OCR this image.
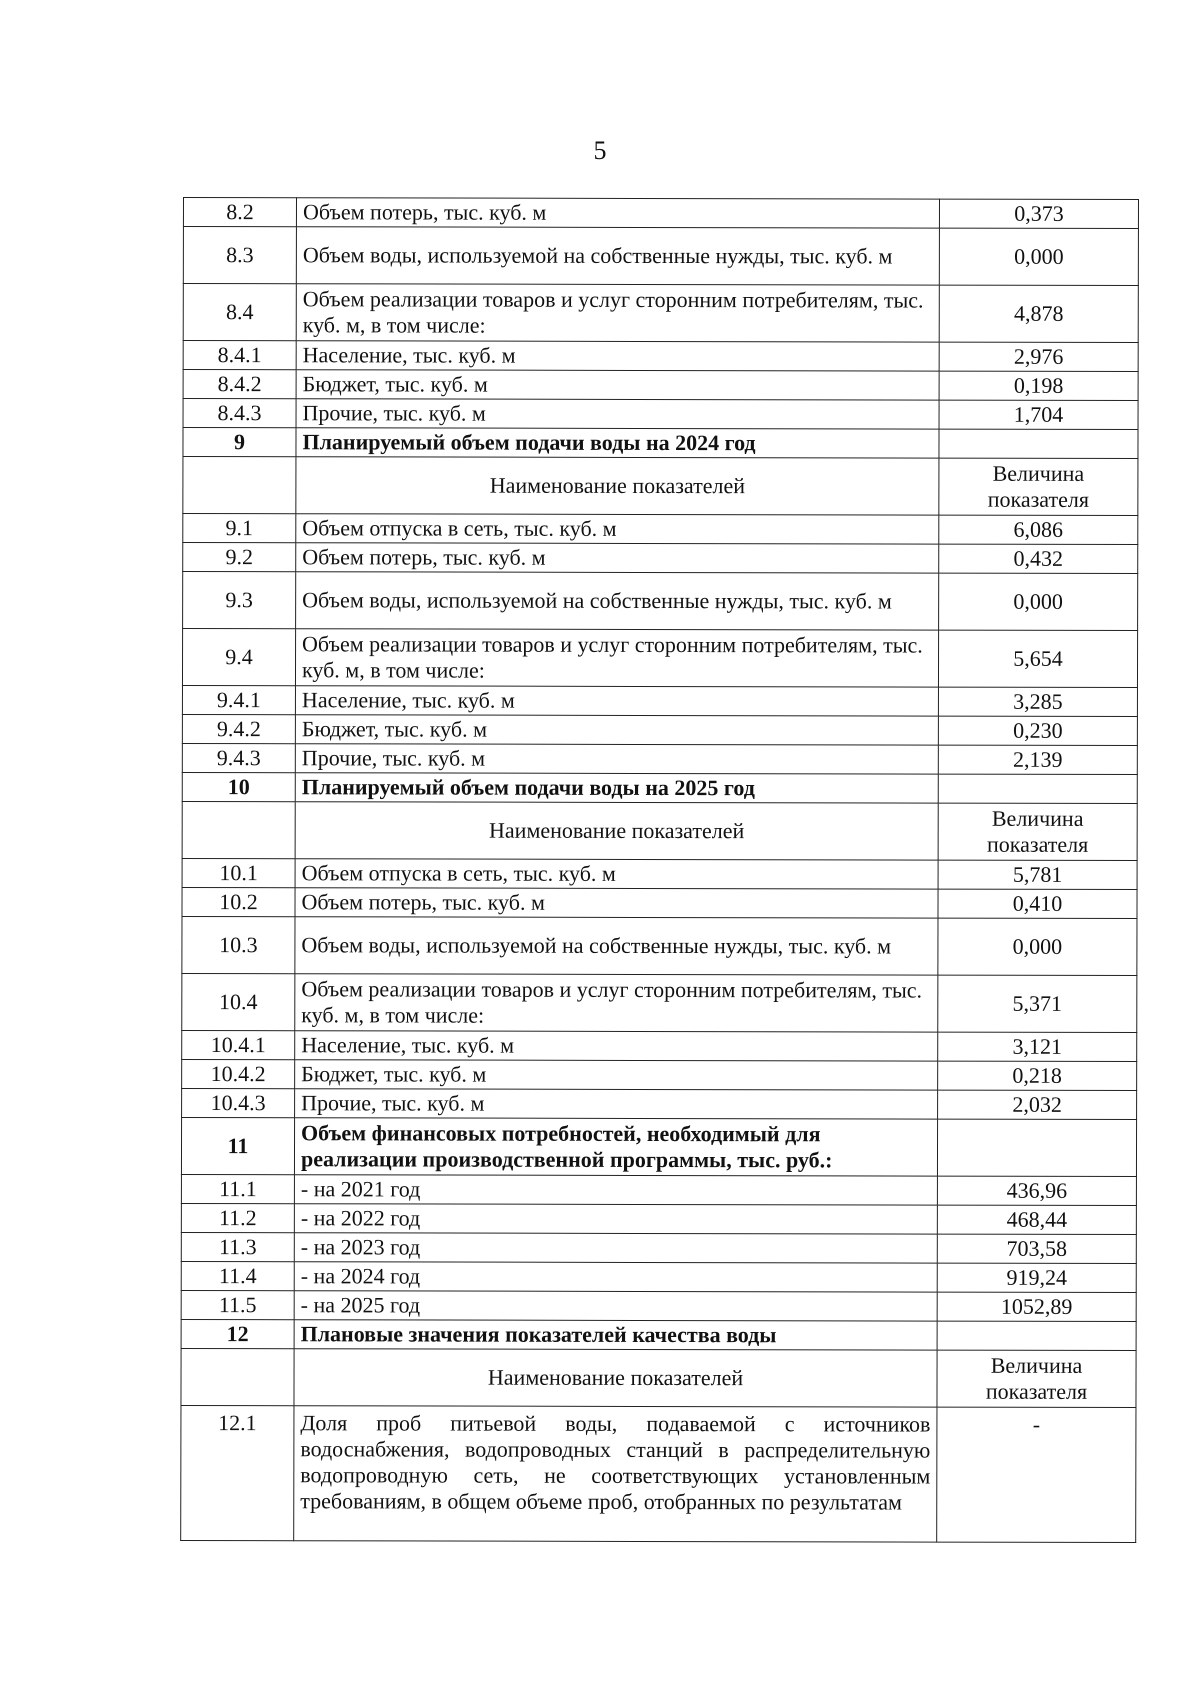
5
8.2	Объем потерь, тыс. куб. м	0,373
8.3	Объем воды, используемой на собственные нужды, тыс. куб. м	0,000
8.4	Объем реализации товаров и услуг сторонним потребителям, тыс. куб. м, в том числе:	4,878
8.4.1	Население, тыс. куб. м	2,976
8.4.2	Бюджет, тыс. куб. м	0,198
8.4.3	Прочие, тыс. куб. м	1,704
9	Планируемый объем подачи воды на 2024 год	
	Наименование показателей	Величина показателя
9.1	Объем отпуска в сеть, тыс. куб. м	6,086
9.2	Объем потерь, тыс. куб. м	0,432
9.3	Объем воды, используемой на собственные нужды, тыс. куб. м	0,000
9.4	Объем реализации товаров и услуг сторонним потребителям, тыс. куб. м, в том числе:	5,654
9.4.1	Население, тыс. куб. м	3,285
9.4.2	Бюджет, тыс. куб. м	0,230
9.4.3	Прочие, тыс. куб. м	2,139
10	Планируемый объем подачи воды на 2025 год	
	Наименование показателей	Величина показателя
10.1	Объем отпуска в сеть, тыс. куб. м	5,781
10.2	Объем потерь, тыс. куб. м	0,410
10.3	Объем воды, используемой на собственные нужды, тыс. куб. м	0,000
10.4	Объем реализации товаров и услуг сторонним потребителям, тыс. куб. м, в том числе:	5,371
10.4.1	Население, тыс. куб. м	3,121
10.4.2	Бюджет, тыс. куб. м	0,218
10.4.3	Прочие, тыс. куб. м	2,032
11	Объем финансовых потребностей, необходимый для реализации производственной программы, тыс. руб.:	
11.1	- на 2021 год	436,96
11.2	- на 2022 год	468,44
11.3	- на 2023 год	703,58
11.4	- на 2024 год	919,24
11.5	- на 2025 год	1052,89
12	Плановые значения показателей качества воды	
	Наименование показателей	Величина показателя
12.1	Доля проб питьевой воды, подаваемой с источников водоснабжения, водопроводных станций в распределительную водопроводную сеть, не соответствующих установленным требованиям, в общем объеме проб, отобранных по результатам	-
